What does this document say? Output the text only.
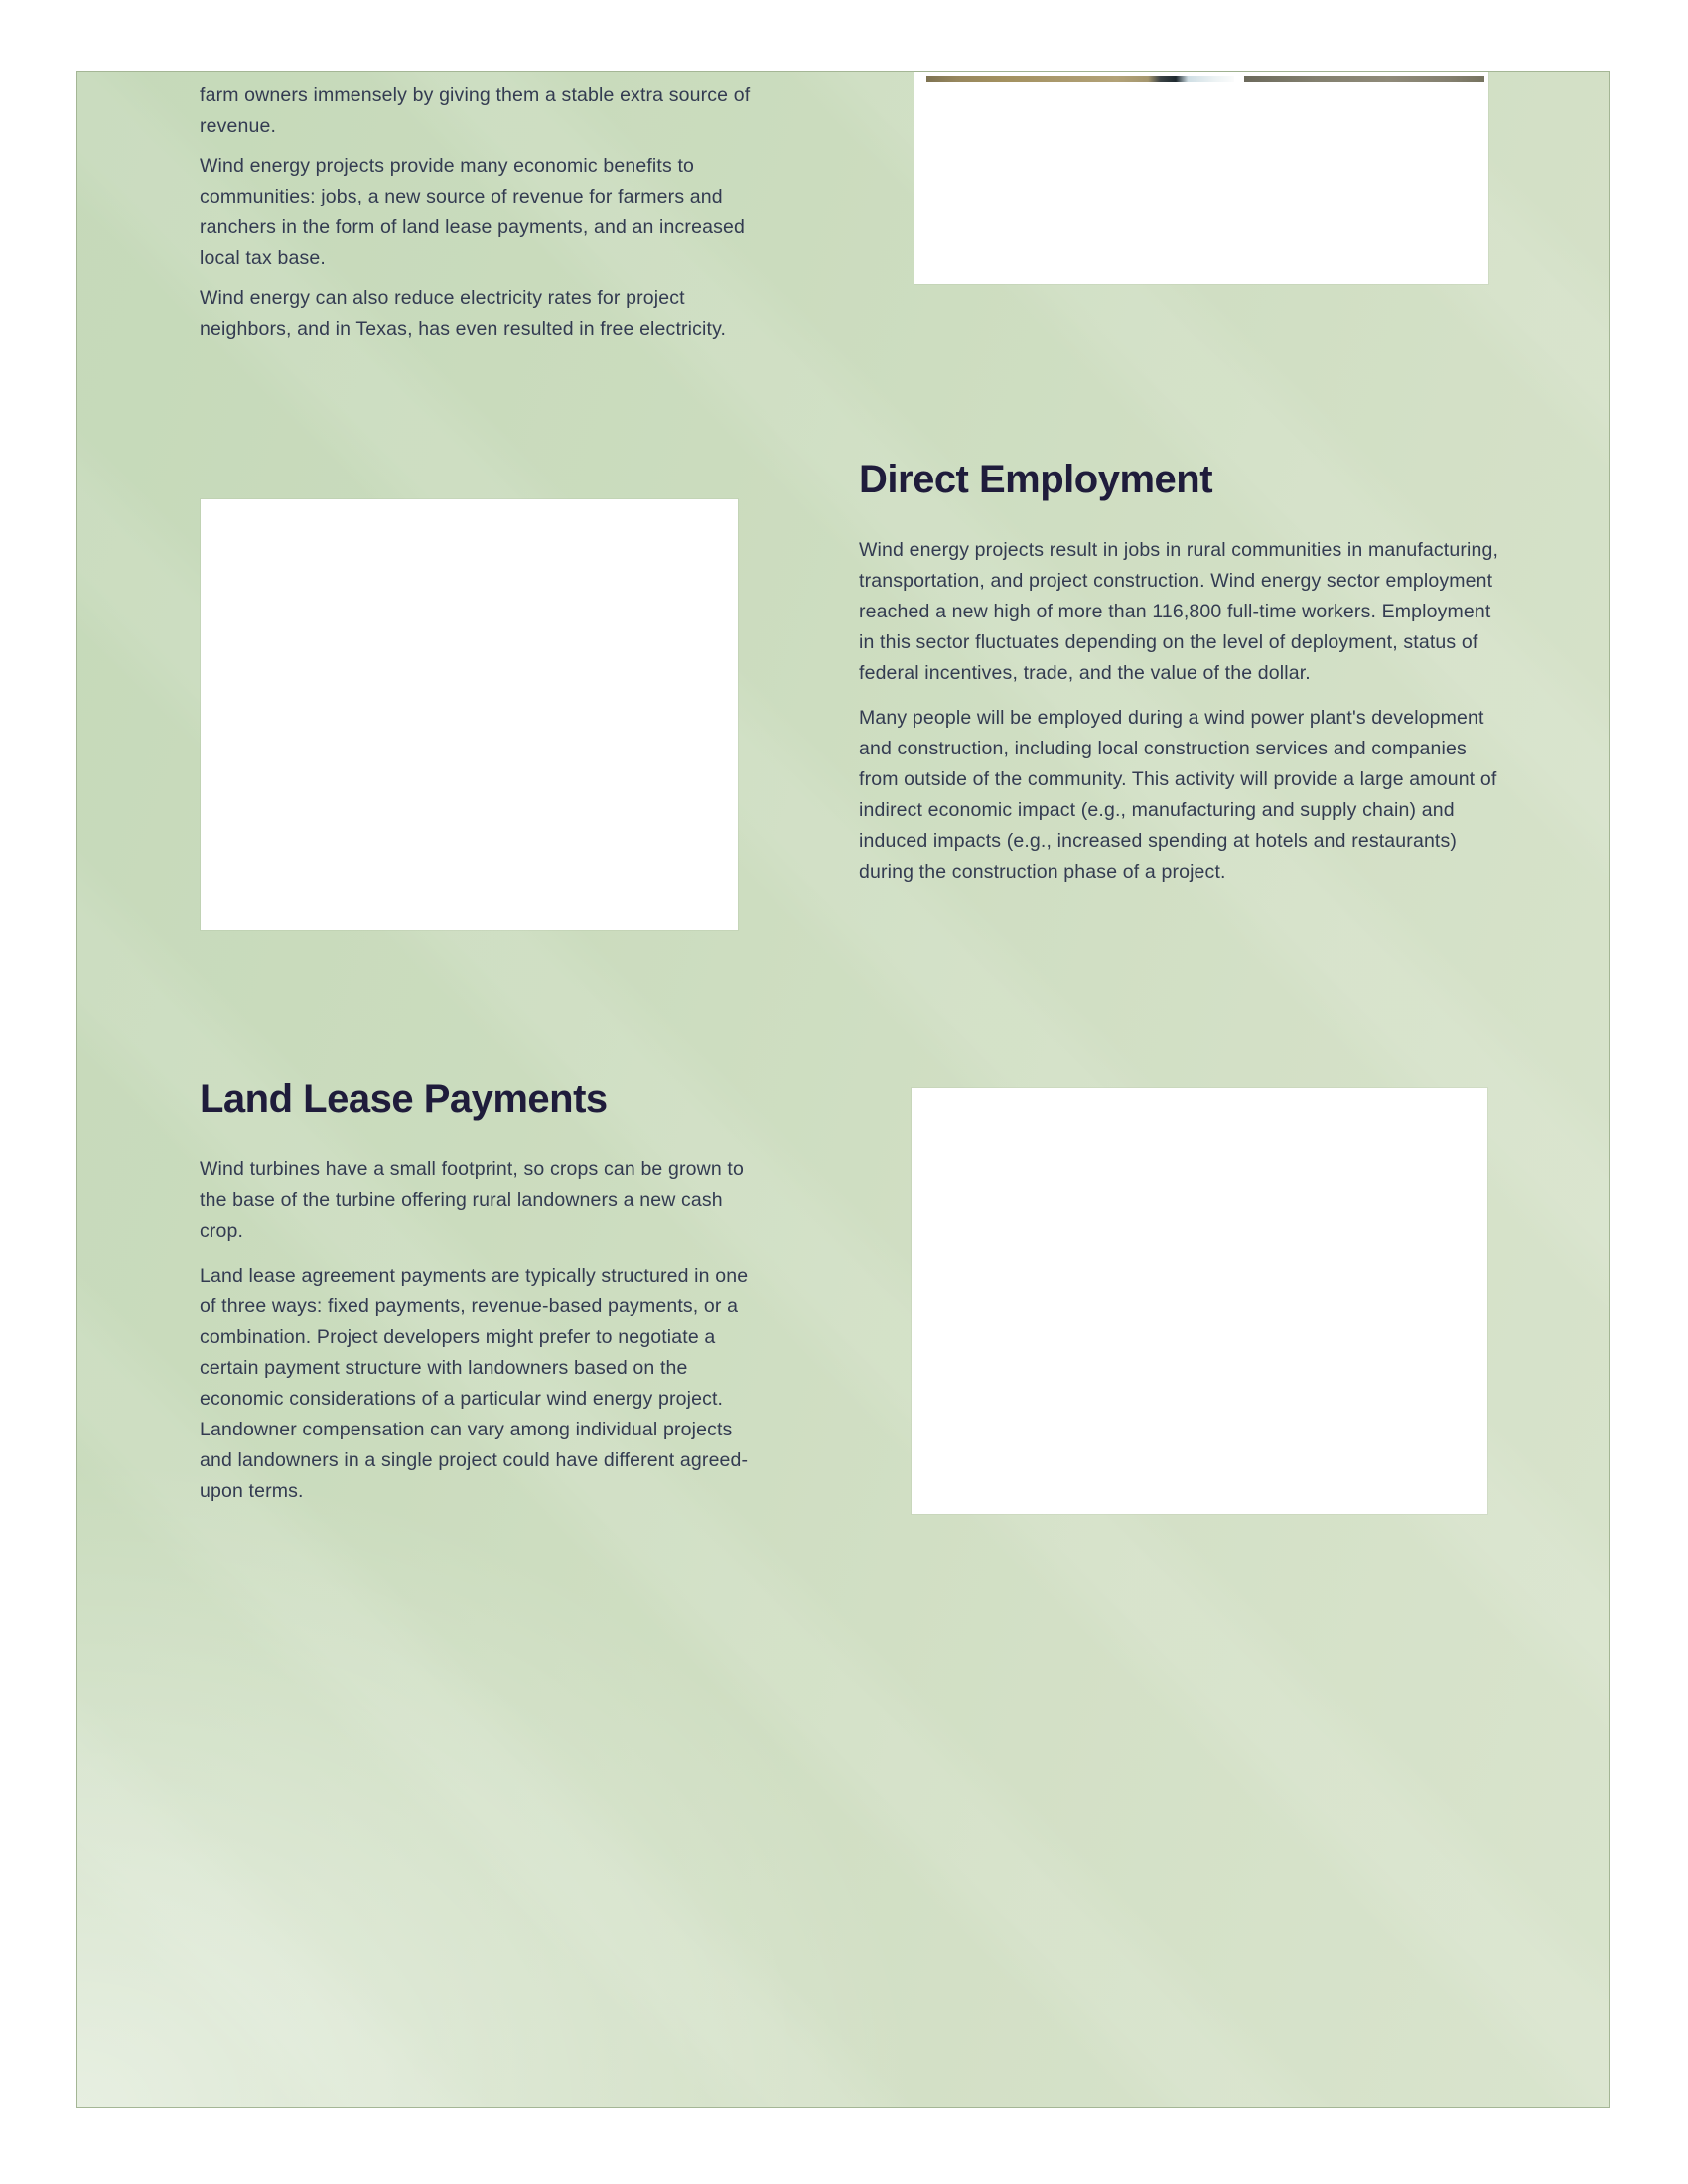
farm owners immensely by giving them a stable extra source of revenue.

Wind energy projects provide many economic benefits to communities: jobs, a new source of revenue for farmers and ranchers in the form of land lease payments, and an increased local tax base.

Wind energy can also reduce electricity rates for project neighbors, and in Texas, has even resulted in free electricity.

Direct Employment

Wind energy projects result in jobs in rural communities in manufacturing, transportation, and project construction. Wind energy sector employment reached a new high of more than 116,800 full-time workers. Employment in this sector fluctuates depending on the level of deployment, status of federal incentives, trade, and the value of the dollar.

Many people will be employed during a wind power plant's development and construction, including local construction services and companies from outside of the community. This activity will provide a large amount of indirect economic impact (e.g., manufacturing and supply chain) and induced impacts (e.g., increased spending at hotels and restaurants) during the construction phase of a project.

Land Lease Payments

Wind turbines have a small footprint, so crops can be grown to the base of the turbine offering rural landowners a new cash crop.

Land lease agreement payments are typically structured in one of three ways: fixed payments, revenue-based payments, or a combination. Project developers might prefer to negotiate a certain payment structure with landowners based on the economic considerations of a particular wind energy project. Landowner compensation can vary among individual projects and landowners in a single project could have different agreed-upon terms.
